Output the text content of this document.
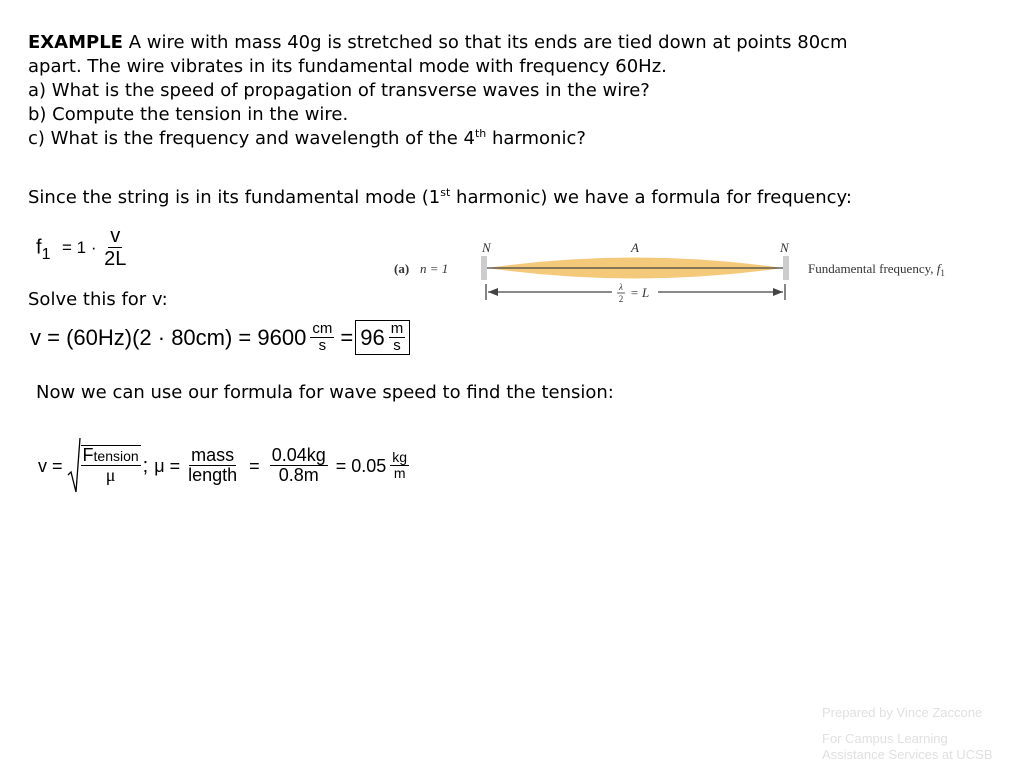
EXAMPLE A wire with mass 40g is stretched so that its ends are tied down at points 80cm
apart. The wire vibrates in its fundamental mode with frequency 60Hz.
a) What is the speed of propagation of transverse waves in the wire?
b) Compute the tension in the wire.
c) What is the frequency and wavelength of the 4th harmonic?
Since the string is in its fundamental mode (1st harmonic) we have a formula for frequency:
$f_1 = 1 \cdot \frac{v}{2L}$	N	A	N
(a) n = 1	Fundamental frequency, $f_1$
λ
2 = L
Solve this for v:
$v = (60Hz)(2 \cdot 80cm) = 9600 \frac{cm}{s} = 96 \frac{m}{s}$
Now we can use our formula for wave speed to find the tension:
$v = \frac{\text{Ftension}}{\mu}$ ; $\mu = \frac{\text{mass}}{\text{length}} = \frac{0.04kg}{0.8m} = 0.05 \frac{kg}{m}$
Prepared by Vince Zaccone
For Campus Learning
Assistance Services at UCSB
